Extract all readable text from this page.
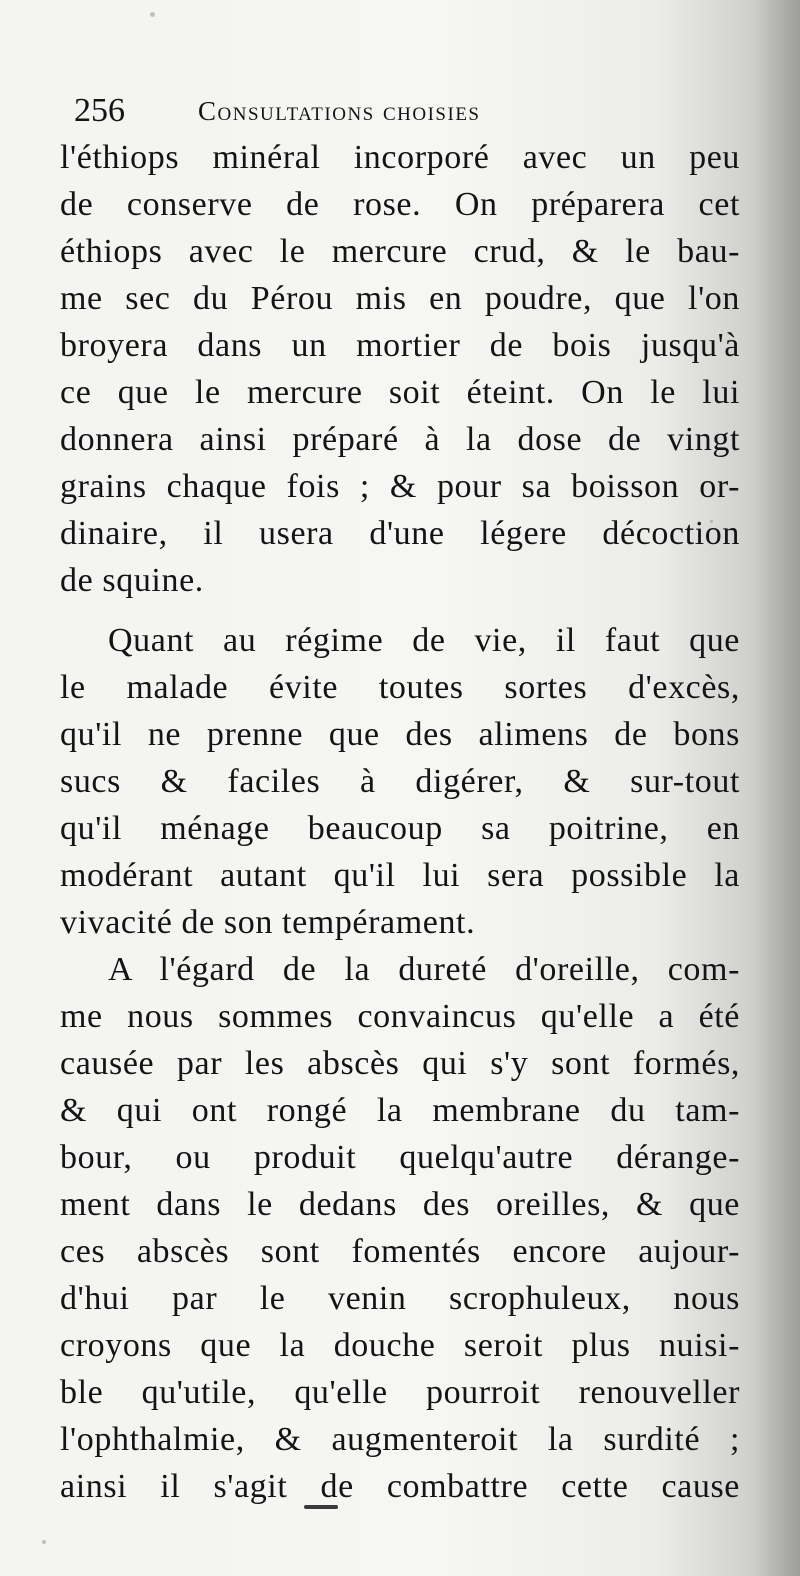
256	Consultations choisies
l'éthiops minéral incorporé avec un peu
de conserve de rose. On préparera cet
éthiops avec le mercure crud, & le bau-
me sec du Pérou mis en poudre, que l'on
broyera dans un mortier de bois jusqu'à
ce que le mercure soit éteint. On le lui
donnera ainsi préparé à la dose de vingt
grains chaque fois ; & pour sa boisson or-
dinaire, il usera d'une légere décoction
de squine.
Quant au régime de vie, il faut que
le malade évite toutes sortes d'excès,
qu'il ne prenne que des alimens de bons
sucs & faciles à digérer, & sur-tout
qu'il ménage beaucoup sa poitrine, en
modérant autant qu'il lui sera possible la
vivacité de son tempérament.
A l'égard de la dureté d'oreille, com-
me nous sommes convaincus qu'elle a été
causée par les abscès qui s'y sont formés,
& qui ont rongé la membrane du tam-
bour, ou produit quelqu'autre dérange-
ment dans le dedans des oreilles, & que
ces abscès sont fomentés encore aujour-
d'hui par le venin scrophuleux, nous
croyons que la douche seroit plus nuisi-
ble qu'utile, qu'elle pourroit renouveller
l'ophthalmie, & augmenteroit la surdité ;
ainsi il s'agit de combattre cette cause
